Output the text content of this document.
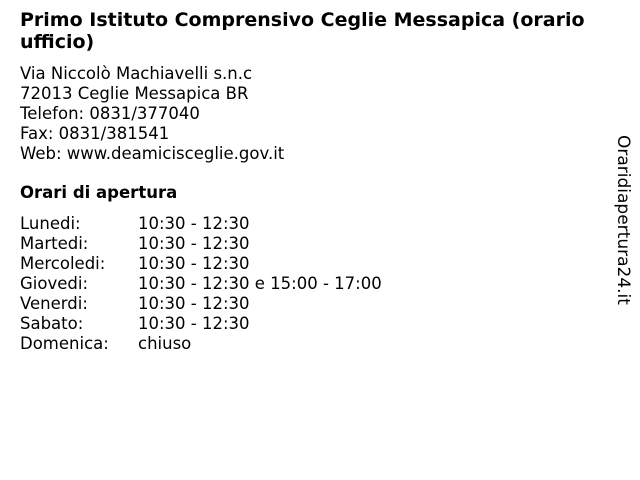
Primo Istituto Comprensivo Ceglie Messapica (orario ufficio)
Via Niccolò Machiavelli s.n.c
72013 Ceglie Messapica BR
Telefon: 0831/377040
Fax: 0831/381541
Web: www.deamicisceglie.gov.it
Orari di apertura
Lunedi:	10:30 - 12:30
Martedi:	10:30 - 12:30
Mercoledi: 10:30 - 12:30
Giovedi:	10:30 - 12:30 e 15:00 - 17:00
Venerdi:	10:30 - 12:30
Sabato:	10:30 - 12:30
Domenica: chiuso
Oraridiapertura24.it
